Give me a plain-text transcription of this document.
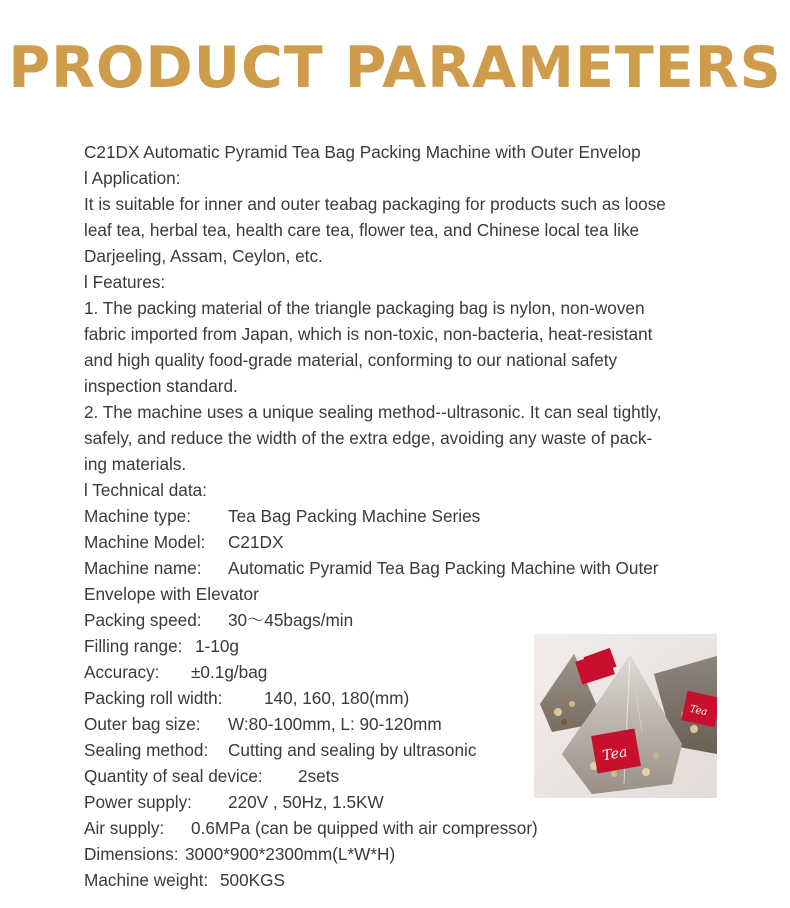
PRODUCT PARAMETERS
C21DX Automatic Pyramid Tea Bag Packing Machine with Outer Envelop
l Application:
It is suitable for inner and outer teabag packaging for products such as loose
leaf tea, herbal tea, health care tea, flower tea, and Chinese local tea like
Darjeeling, Assam, Ceylon, etc.
l Features:
1. The packing material of the triangle packaging bag is nylon, non-woven
fabric imported from Japan, which is non-toxic, non-bacteria, heat-resistant
and high quality food-grade material, conforming to our national safety
inspection standard.
2. The machine uses a unique sealing method--ultrasonic. It can seal tightly,
safely, and reduce the width of the extra edge, avoiding any waste of pack-
ing materials.
l Technical data:
Machine type: Tea Bag Packing Machine Series
Machine Model: C21DX
Machine name: Automatic Pyramid Tea Bag Packing Machine with Outer
Envelope with Elevator
Packing speed: 30～45bags/min
Filling range: 1-10g
Accuracy: ±0.1g/bag
Packing roll width: 140, 160, 180(mm)
Outer bag size: W:80-100mm, L: 90-120mm
Sealing method: Cutting and sealing by ultrasonic
Quantity of seal device: 2sets
Power supply: 220V , 50Hz, 1.5KW
Air supply: 0.6MPa (can be quipped with air compressor)
Dimensions: 3000*900*2300mm(L*W*H)
Machine weight: 500KGS
Tea
Tea
